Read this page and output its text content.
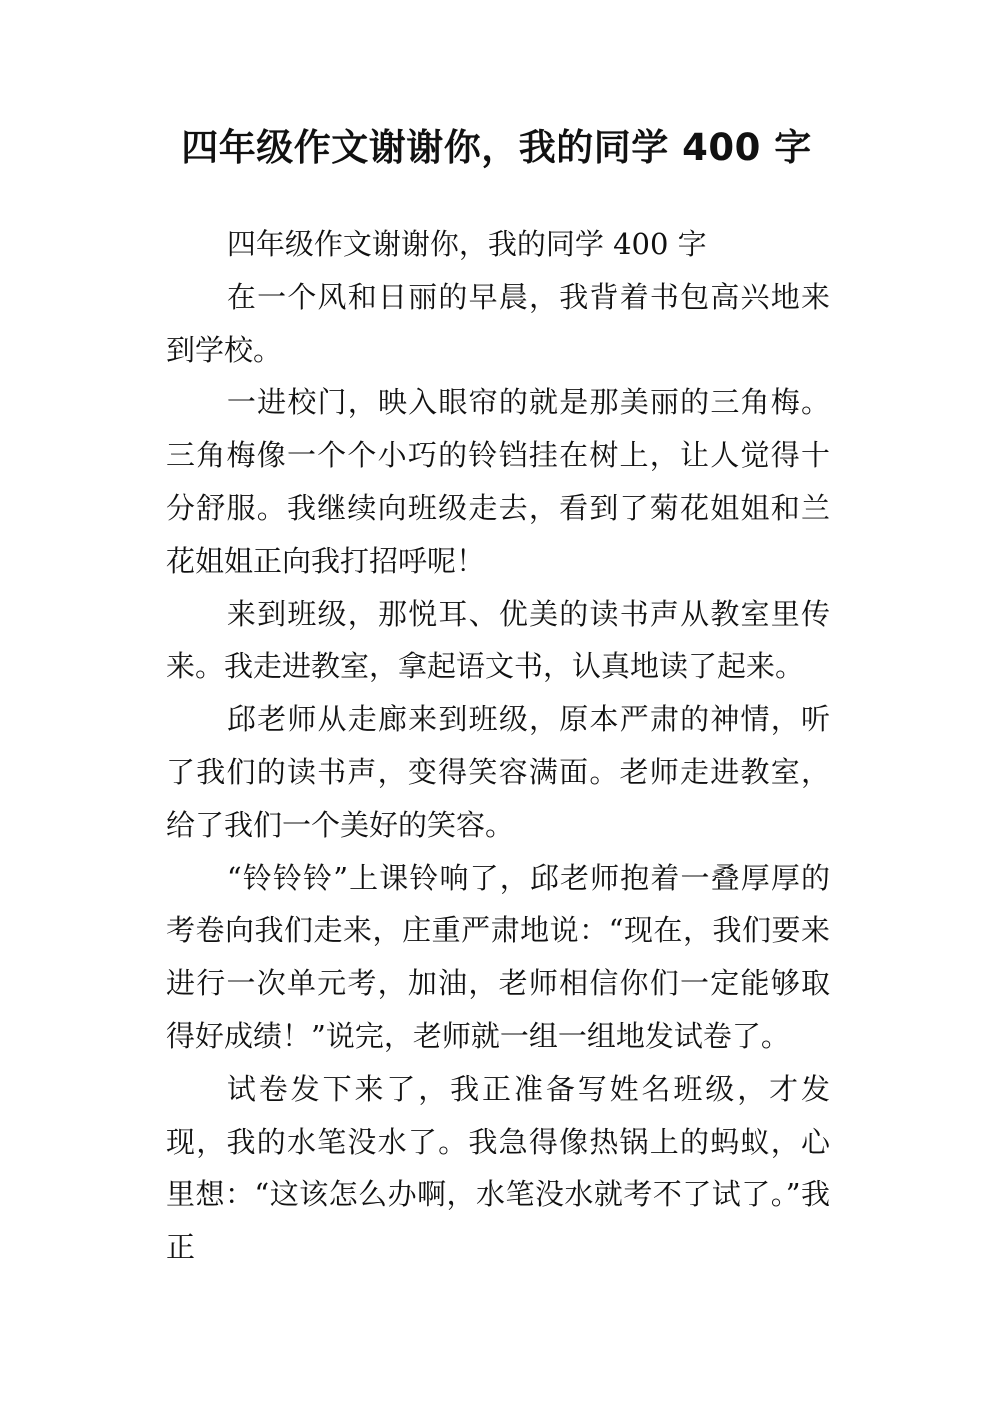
四年级作文谢谢你，我的同学 400 字

四年级作文谢谢你，我的同学 400 字

在一个风和日丽的早晨，我背着书包高兴地来到学校。

一进校门，映入眼帘的就是那美丽的三角梅。三角梅像一个个小巧的铃铛挂在树上，让人觉得十分舒服。我继续向班级走去，看到了菊花姐姐和兰花姐姐正向我打招呼呢！

来到班级，那悦耳、优美的读书声从教室里传来。我走进教室，拿起语文书，认真地读了起来。

邱老师从走廊来到班级，原本严肃的神情，听了我们的读书声，变得笑容满面。老师走进教室，给了我们一个美好的笑容。

“铃铃铃”上课铃响了，邱老师抱着一叠厚厚的考卷向我们走来，庄重严肃地说：“现在，我们要来进行一次单元考，加油，老师相信你们一定能够取得好成绩！”说完，老师就一组一组地发试卷了。

试卷发下来了，我正准备写姓名班级，才发现，我的水笔没水了。我急得像热锅上的蚂蚁，心里想：“这该怎么办啊，水笔没水就考不了试了。”我正
